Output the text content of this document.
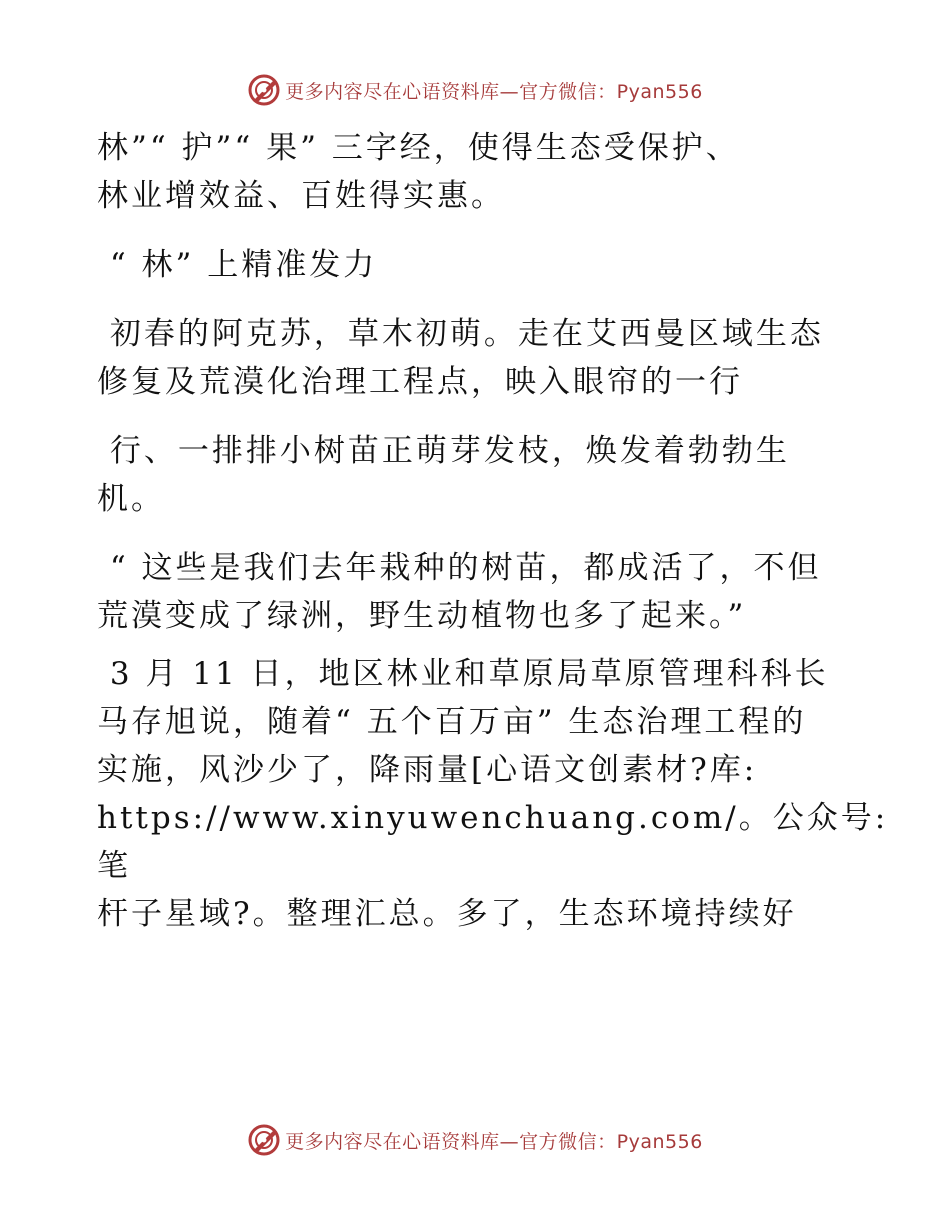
更多内容尽在心语资料库—官方微信：Pyan556

林”“ 护”“ 果” 三字经，使得生态受保护、
林业增效益、百姓得实惠。

“ 林” 上精准发力

初春的阿克苏，草木初萌。走在艾西曼区域生态
修复及荒漠化治理工程点，映入眼帘的一行

行、一排排小树苗正萌芽发枝，焕发着勃勃生
机。

“ 这些是我们去年栽种的树苗，都成活了，不但
荒漠变成了绿洲，野生动植物也多了起来。”

3 月 11 日，地区林业和草原局草原管理科科长
马存旭说，随着“ 五个百万亩” 生态治理工程的
实施，风沙少了，降雨量[心语文创素材?库:
https://www.xinyuwenchuang.com/。公众号: 笔
杆子星域?。整理汇总。多了，生态环境持续好

更多内容尽在心语资料库—官方微信：Pyan556
